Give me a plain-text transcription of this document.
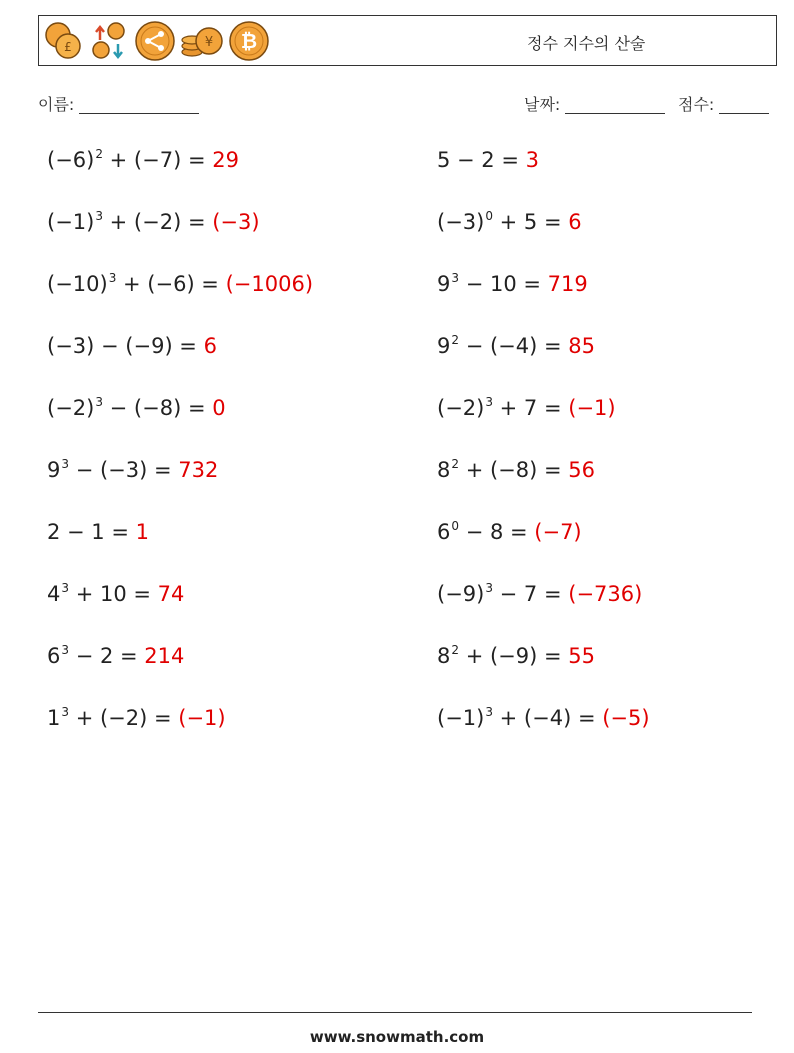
£	¥ ₿	정수 지수의 산술
이름:	날짜:	점수:
$(-6)^2 + (-7) = 29$	5 − 2 = 3
$(-1)^3 + (-2) = (-3)$	$(-3)^0 + 5 = 6$
$(-10)^3 + (-6) = (-1006)$	$9^3 - 10 = 719$
(−3) − (−9) = 6	$9^2 - (-4) = 85$
$(-2)^3 - (-8) = 0$	$(-2)^3 + 7 = (-1)$
$9^3 - (-3) = 732$	$8^2 + (-8) = 56$
2 − 1 = 1	$6^0 - 8 = (-7)$
$4^3 + 10 = 74$	$(-9)^3 - 7 = (-736)$
$6^3 - 2 = 214$	$8^2 + (-9) = 55$
$1^3 + (-2) = (-1)$	$(-1)^3 + (-4) = (-5)$
www.snowmath.com
